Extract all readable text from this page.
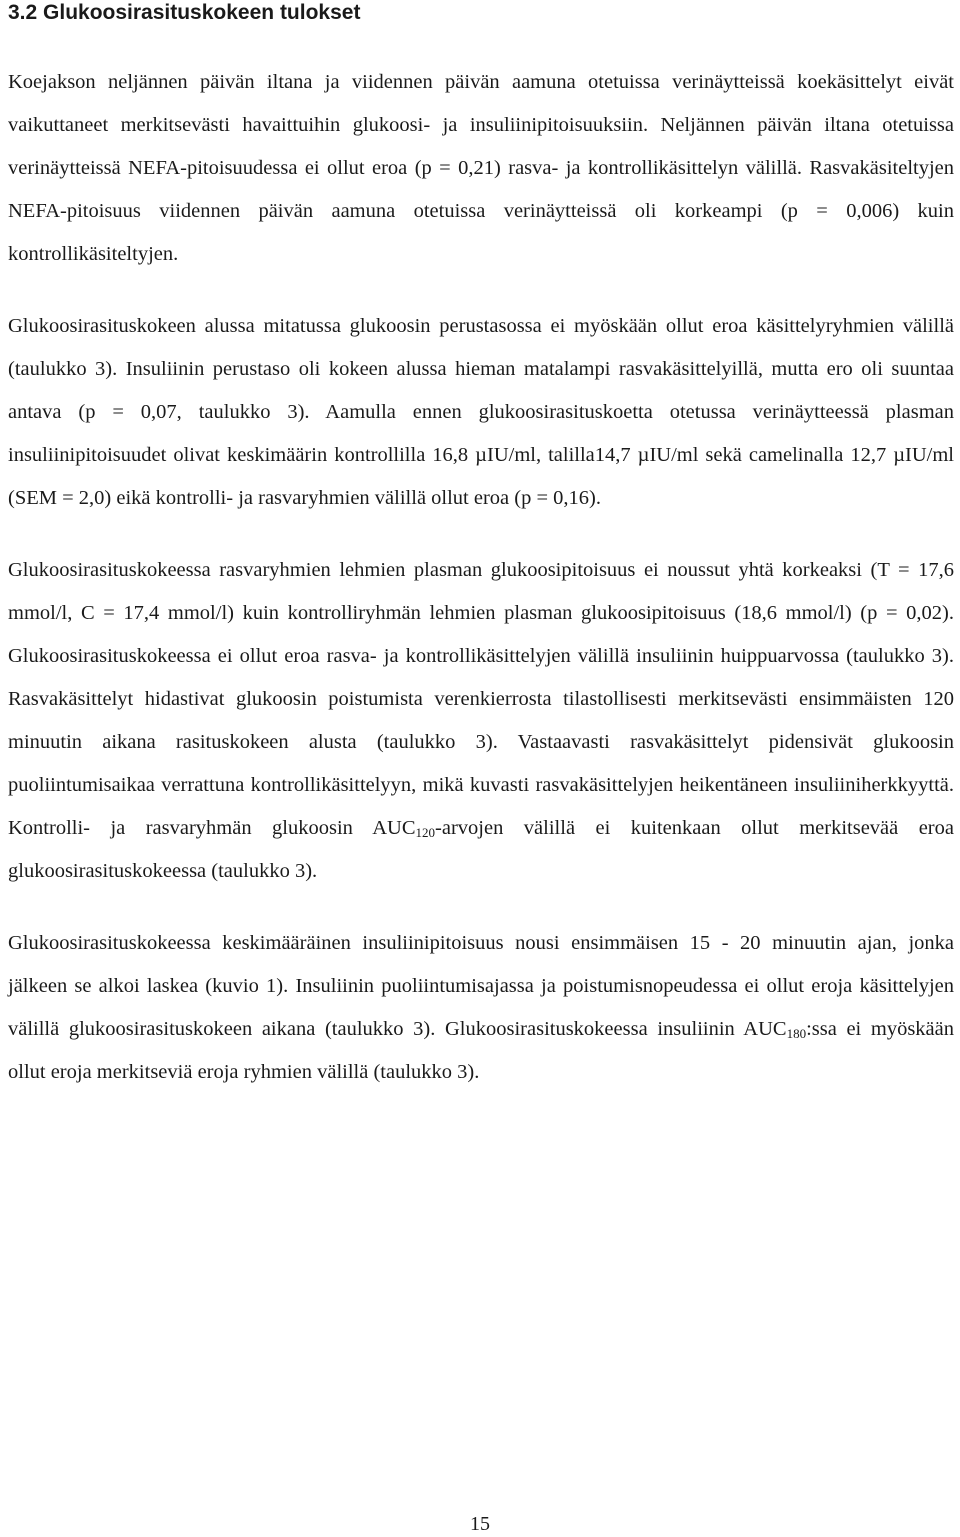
3.2 Glukoosirasituskokeen tulokset

Koejakson neljännen päivän iltana ja viidennen päivän aamuna otetuissa verinäytteissä koekäsittelyt eivät vaikuttaneet merkitsevästi havaittuihin glukoosi- ja insuliinipitoisuuksiin. Neljännen päivän iltana otetuissa verinäytteissä NEFA-pitoisuudessa ei ollut eroa (p = 0,21) rasva- ja kontrollikäsittelyn välillä. Rasvakäsiteltyjen NEFA-pitoisuus viidennen päivän aamuna otetuissa verinäytteissä oli korkeampi (p = 0,006) kuin kontrollikäsiteltyjen.

Glukoosirasituskokeen alussa mitatussa glukoosin perustasossa ei myöskään ollut eroa käsittelyryhmien välillä (taulukko 3). Insuliinin perustaso oli kokeen alussa hieman matalampi rasvakäsittelyillä, mutta ero oli suuntaa antava (p = 0,07, taulukko 3). Aamulla ennen glukoosirasituskoetta otetussa verinäytteessä plasman insuliinipitoisuudet olivat keskimäärin kontrollilla 16,8 µIU/ml, talilla14,7 µIU/ml sekä camelinalla 12,7 µIU/ml (SEM = 2,0) eikä kontrolli- ja rasvaryhmien välillä ollut eroa (p = 0,16).

Glukoosirasituskokeessa rasvaryhmien lehmien plasman glukoosipitoisuus ei noussut yhtä korkeaksi (T = 17,6 mmol/l, C = 17,4 mmol/l) kuin kontrolliryhmän lehmien plasman glukoosipitoisuus (18,6 mmol/l) (p = 0,02). Glukoosirasituskokeessa ei ollut eroa rasva- ja kontrollikäsittelyjen välillä insuliinin huippuarvossa (taulukko 3). Rasvakäsittelyt hidastivat glukoosin poistumista verenkierrosta tilastollisesti merkitsevästi ensimmäisten 120 minuutin aikana rasituskokeen alusta (taulukko 3). Vastaavasti rasvakäsittelyt pidensivät glukoosin puoliintumisaikaa verrattuna kontrollikäsittelyyn, mikä kuvasti rasvakäsittelyjen heikentäneen insuliiniherkkyyttä. Kontrolli- ja rasvaryhmän glukoosin $AUC_{120}$-arvojen välillä ei kuitenkaan ollut merkitsevää eroa glukoosirasituskokeessa (taulukko 3).

Glukoosirasituskokeessa keskimääräinen insuliinipitoisuus nousi ensimmäisen 15 - 20 minuutin ajan, jonka jälkeen se alkoi laskea (kuvio 1). Insuliinin puoliintumisajassa ja poistumisnopeudessa ei ollut eroja käsittelyjen välillä glukoosirasituskokeen aikana (taulukko 3). Glukoosirasituskokeessa insuliinin $AUC_{180}:ssa$ ei myöskään ollut eroja merkitseviä eroja ryhmien välillä (taulukko 3).

15
